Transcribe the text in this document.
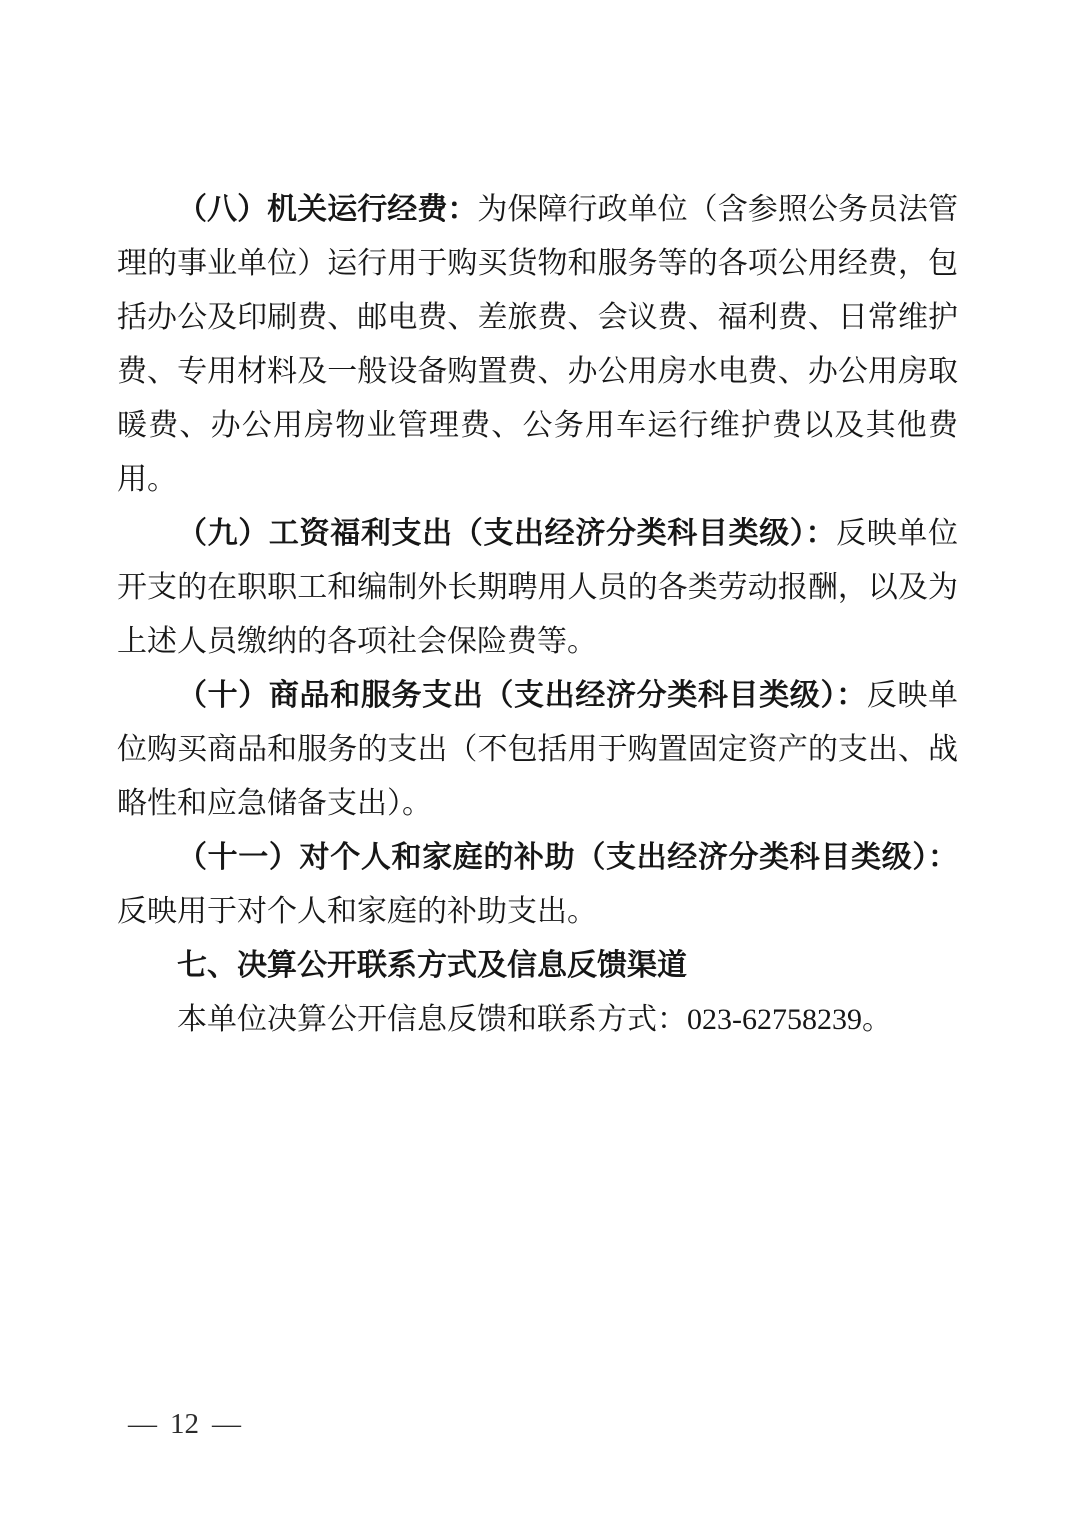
（八）机关运行经费：为保障行政单位（含参照公务员法管理的事业单位）运行用于购买货物和服务等的各项公用经费，包括办公及印刷费、邮电费、差旅费、会议费、福利费、日常维护费、专用材料及一般设备购置费、办公用房水电费、办公用房取暖费、办公用房物业管理费、公务用车运行维护费以及其他费用。

（九）工资福利支出（支出经济分类科目类级）：反映单位开支的在职职工和编制外长期聘用人员的各类劳动报酬，以及为上述人员缴纳的各项社会保险费等。

（十）商品和服务支出（支出经济分类科目类级）：反映单位购买商品和服务的支出（不包括用于购置固定资产的支出、战略性和应急储备支出）。

（十一）对个人和家庭的补助（支出经济分类科目类级）：反映用于对个人和家庭的补助支出。

七、决算公开联系方式及信息反馈渠道

本单位决算公开信息反馈和联系方式：023-62758239。

— 12 —
